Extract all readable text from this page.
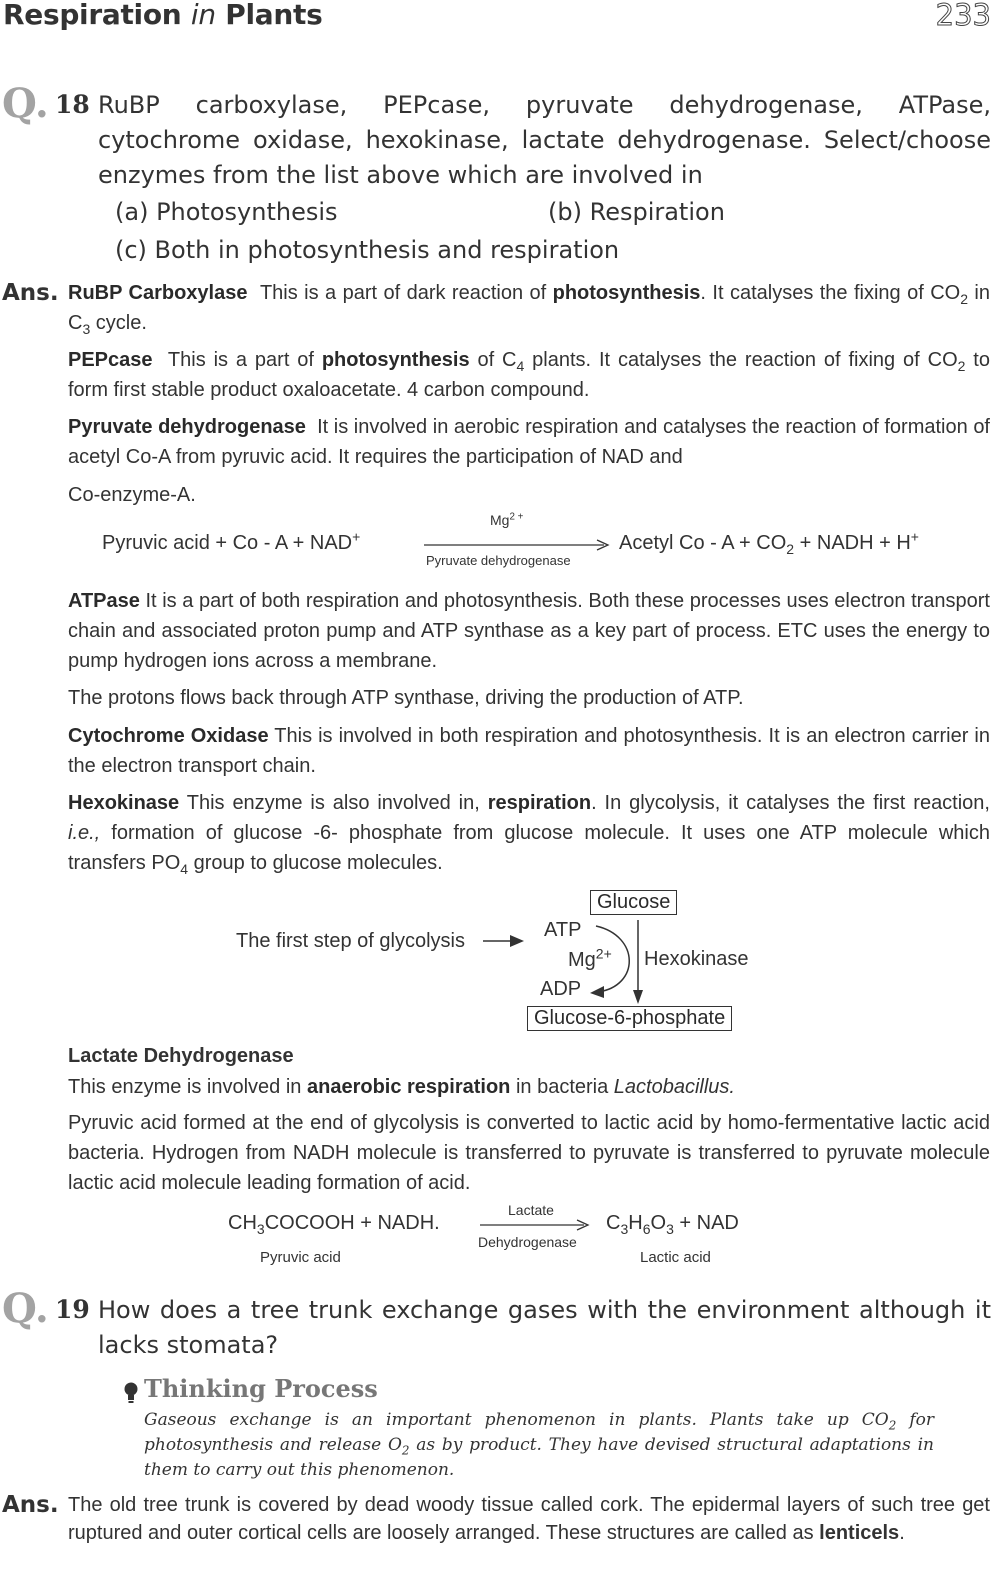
Respiration in Plants	233
Q. 18 RuBP carboxylase, PEPcase, pyruvate dehydrogenase, ATPase, cytochrome oxidase, hexokinase, lactate dehydrogenase. Select/choose enzymes from the list above which are involved in
(a) Photosynthesis	(b) Respiration
(c) Both in photosynthesis and respiration
Ans. RuBP Carboxylase This is a part of dark reaction of photosynthesis. It catalyses the fixing of $CO_2$ in $C_3$ cycle.
PEPcase This is a part of photosynthesis of $C_4$ plants. It catalyses the reaction of fixing of $CO_2$ to form first stable product oxaloacetate. 4 carbon compound.
Pyruvate dehydrogenase It is involved in aerobic respiration and catalyses the reaction of formation of acetyl Co-A from pyruvic acid. It requires the participation of NAD and
Co-enzyme-A.
Pyruvic acid + Co - A + NAD+
$Mg^{2 +}$
Pyruvate dehydrogenase
Acetyl $Co - A + CO_2$ + NADH + H+
ATPase It is a part of both respiration and photosynthesis. Both these processes uses electron transport chain and associated proton pump and ATP synthase as a key part of process. ETC uses the energy to pump hydrogen ions across a membrane.
The protons flows back through ATP synthase, driving the production of ATP.
Cytochrome Oxidase This is involved in both respiration and photosynthesis. It is an electron carrier in the electron transport chain.
Hexokinase This enzyme is also involved in, respiration. In glycolysis, it catalyses the first reaction, i.e., formation of glucose -6- phosphate from glucose molecule. It uses one ATP molecule which transfers $PO_4$ group to glucose molecules.
The first step of glycolysis
Glucose
ATP
$Mg^{2+}$ Hexokinase
ADP
Glucose-6-phosphate
Lactate Dehydrogenase
This enzyme is involved in anaerobic respiration in bacteria Lactobacillus.
Pyruvic acid formed at the end of glycolysis is converted to lactic acid by homo-fermentative lactic acid bacteria. Hydrogen from NADH molecule is transferred to pyruvate is transferred to pyruvate molecule lactic acid molecule leading formation of acid.
$CH_3COCOOH$ + NADH.
Lactate
Dehydrogenase
$C_3H_6O_3$ + NAD
Pyruvic acid	Lactic acid
Q. 19 How does a tree trunk exchange gases with the environment although it lacks stomata?
Thinking Process
Gaseous exchange is an important phenomenon in plants. Plants take up $CO_2$ for photosynthesis and release $O_2$ as by product. They have devised structural adaptations in them to carry out this phenomenon.
Ans. The old tree trunk is covered by dead woody tissue called cork. The epidermal layers of such tree get ruptured and outer cortical cells are loosely arranged. These structures are called as lenticels.
